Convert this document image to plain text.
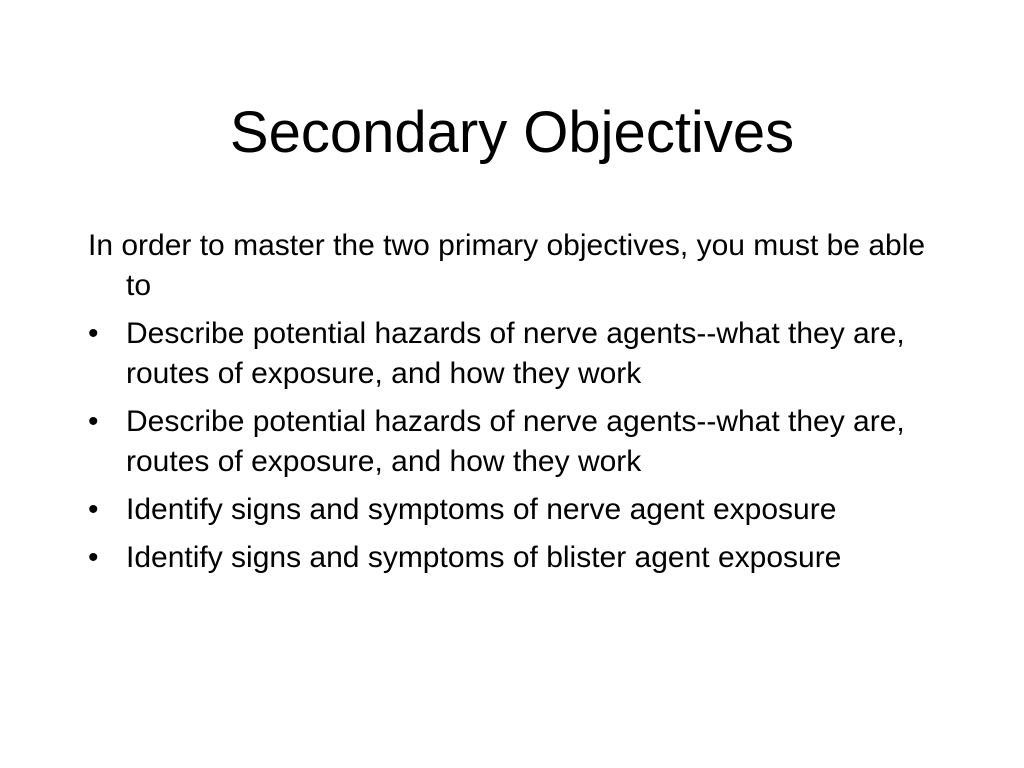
Secondary Objectives

In order to master the two primary objectives, you must be able to

• Describe potential hazards of nerve agents--what they are, routes of exposure, and how they work
• Describe potential hazards of nerve agents--what they are, routes of exposure, and how they work
• Identify signs and symptoms of nerve agent exposure
• Identify signs and symptoms of blister agent exposure
